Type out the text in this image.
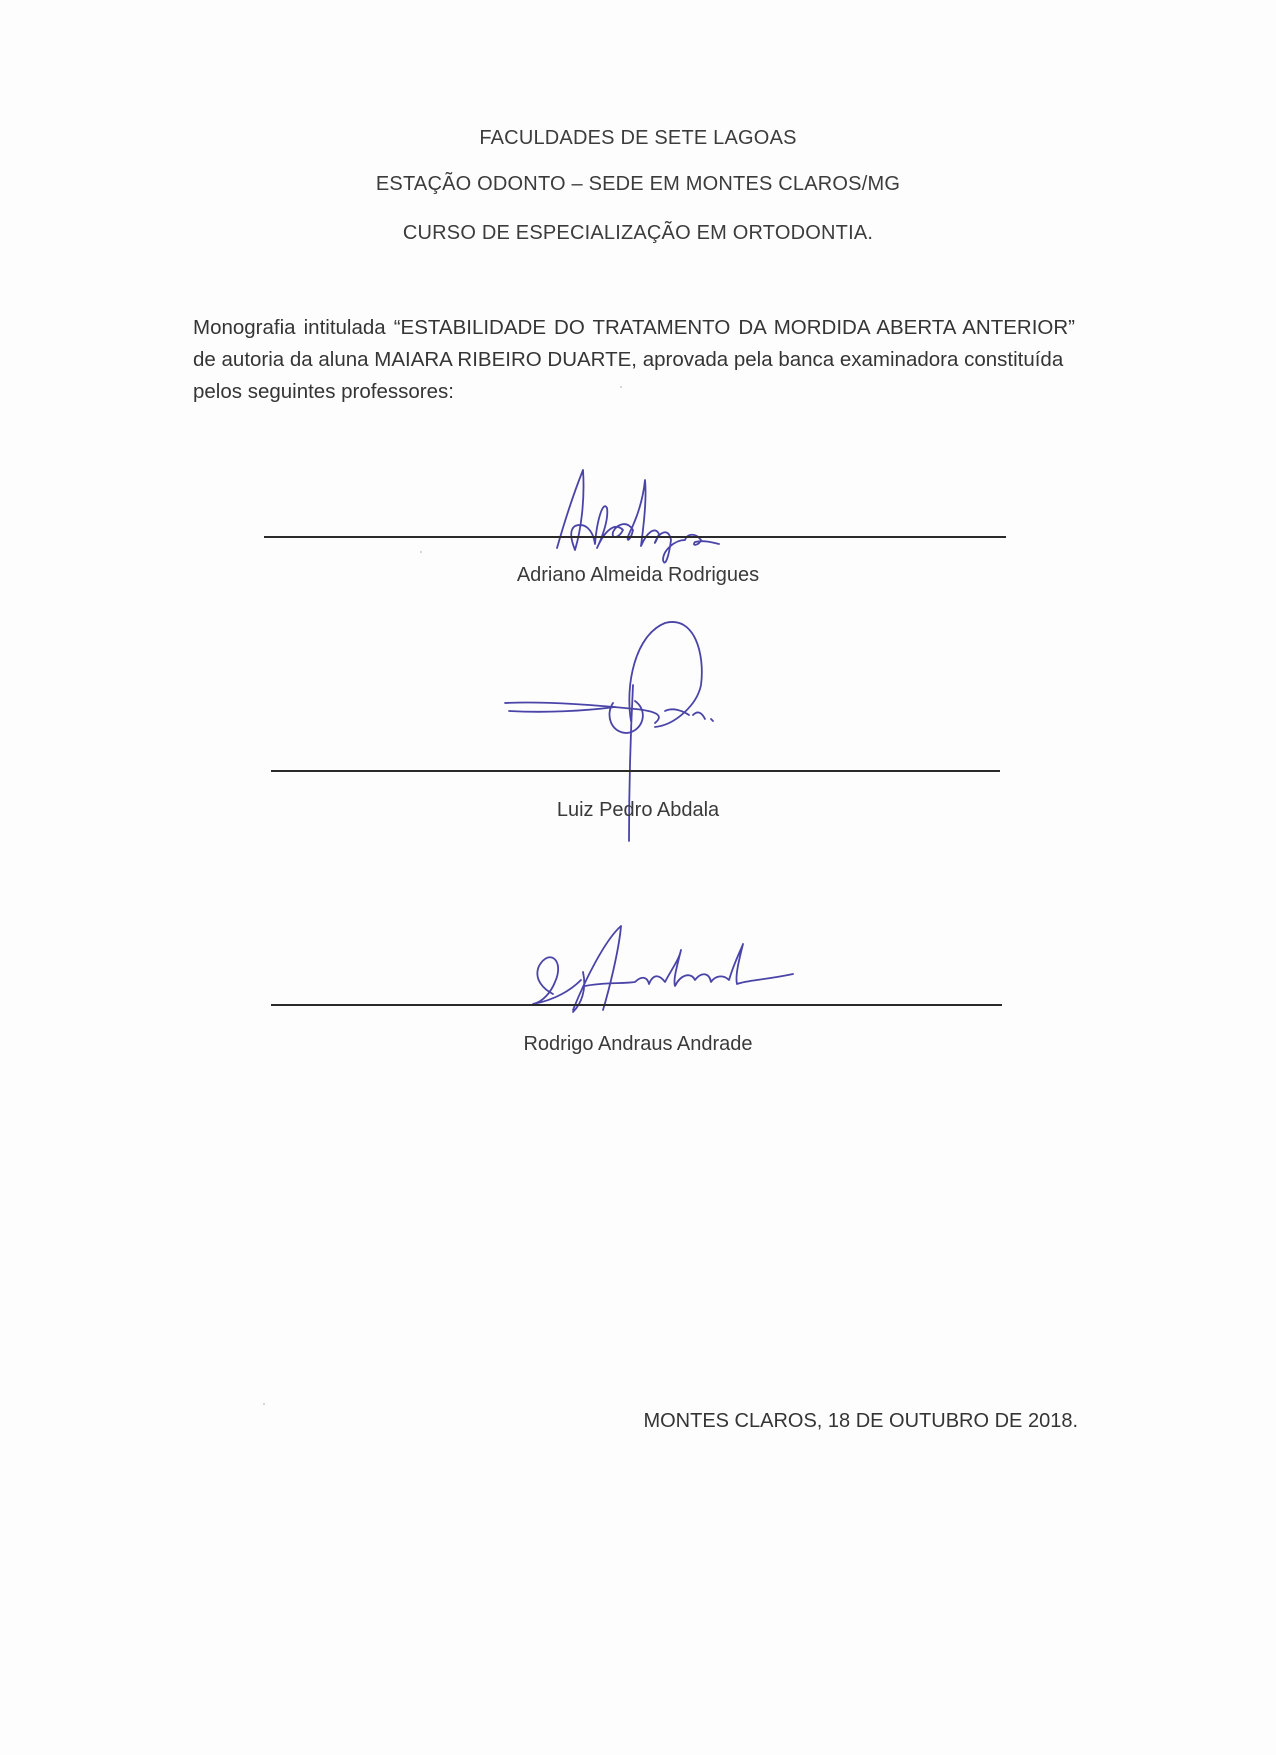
FACULDADES DE SETE LAGOAS
ESTAÇÃO ODONTO – SEDE EM MONTES CLAROS/MG
CURSO DE ESPECIALIZAÇÃO EM ORTODONTIA.
Monografia intitulada “ESTABILIDADE DO TRATAMENTO DA MORDIDA ABERTA ANTERIOR” de autoria da aluna MAIARA RIBEIRO DUARTE, aprovada pela banca examinadora constituída
pelos seguintes professores:
Adriano Almeida Rodrigues
Luiz Pedro Abdala
Rodrigo Andraus Andrade
MONTES CLAROS, 18 DE OUTUBRO DE 2018.
